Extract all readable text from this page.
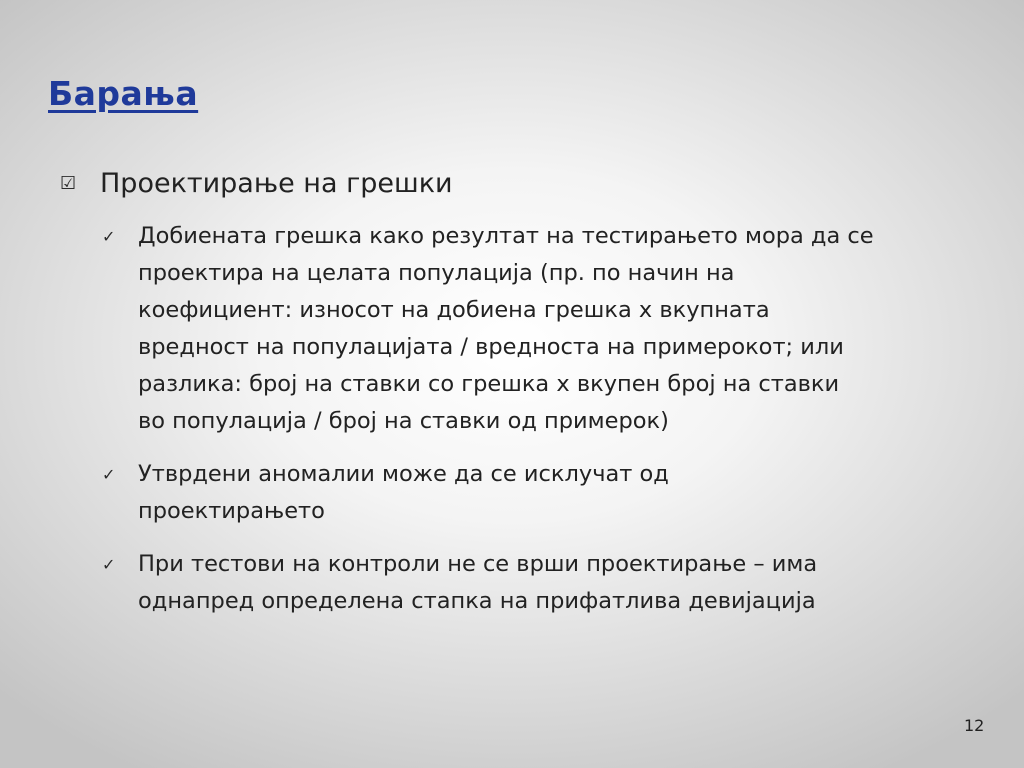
Барања
☑ Проектирање на грешки
✓	Добиената грешка како резултат на тестирањето мора да се
проектира на целата популација (пр. по начин на
коефициент: износот на добиена грешка х вкупната
вредност на популацијата / вредноста на примерокот; или
разлика: број на ставки со грешка х вкупен број на ставки
во популација / број на ставки од примерок)
✓	Утврдени аномалии може да се исклучат од
проектирањето
✓	При тестови на контроли не се врши проектирање – има
однапред определена стапка на прифатлива девијација
12
